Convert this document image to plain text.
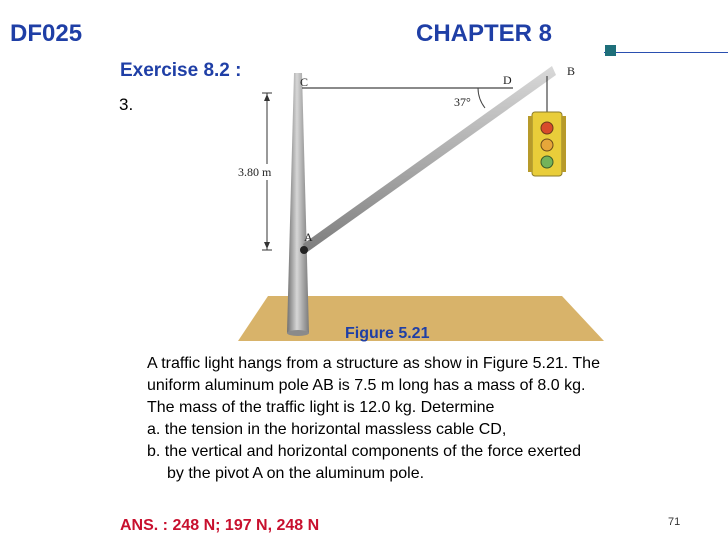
DF025	CHAPTER 8
Exercise 8.2 :
3.
C	D
B
A
3.80 m
37°
Figure 5.21
A traffic light hangs from a structure as show in Figure 5.21. The
uniform aluminum pole AB is 7.5 m long has a mass of 8.0 kg.
The mass of the traffic light is 12.0 kg. Determine
a. the tension in the horizontal massless cable CD,
b. the vertical and horizontal components of the force exerted
by the pivot A on the aluminum pole.
ANS. : 248 N; 197 N, 248 N	71
